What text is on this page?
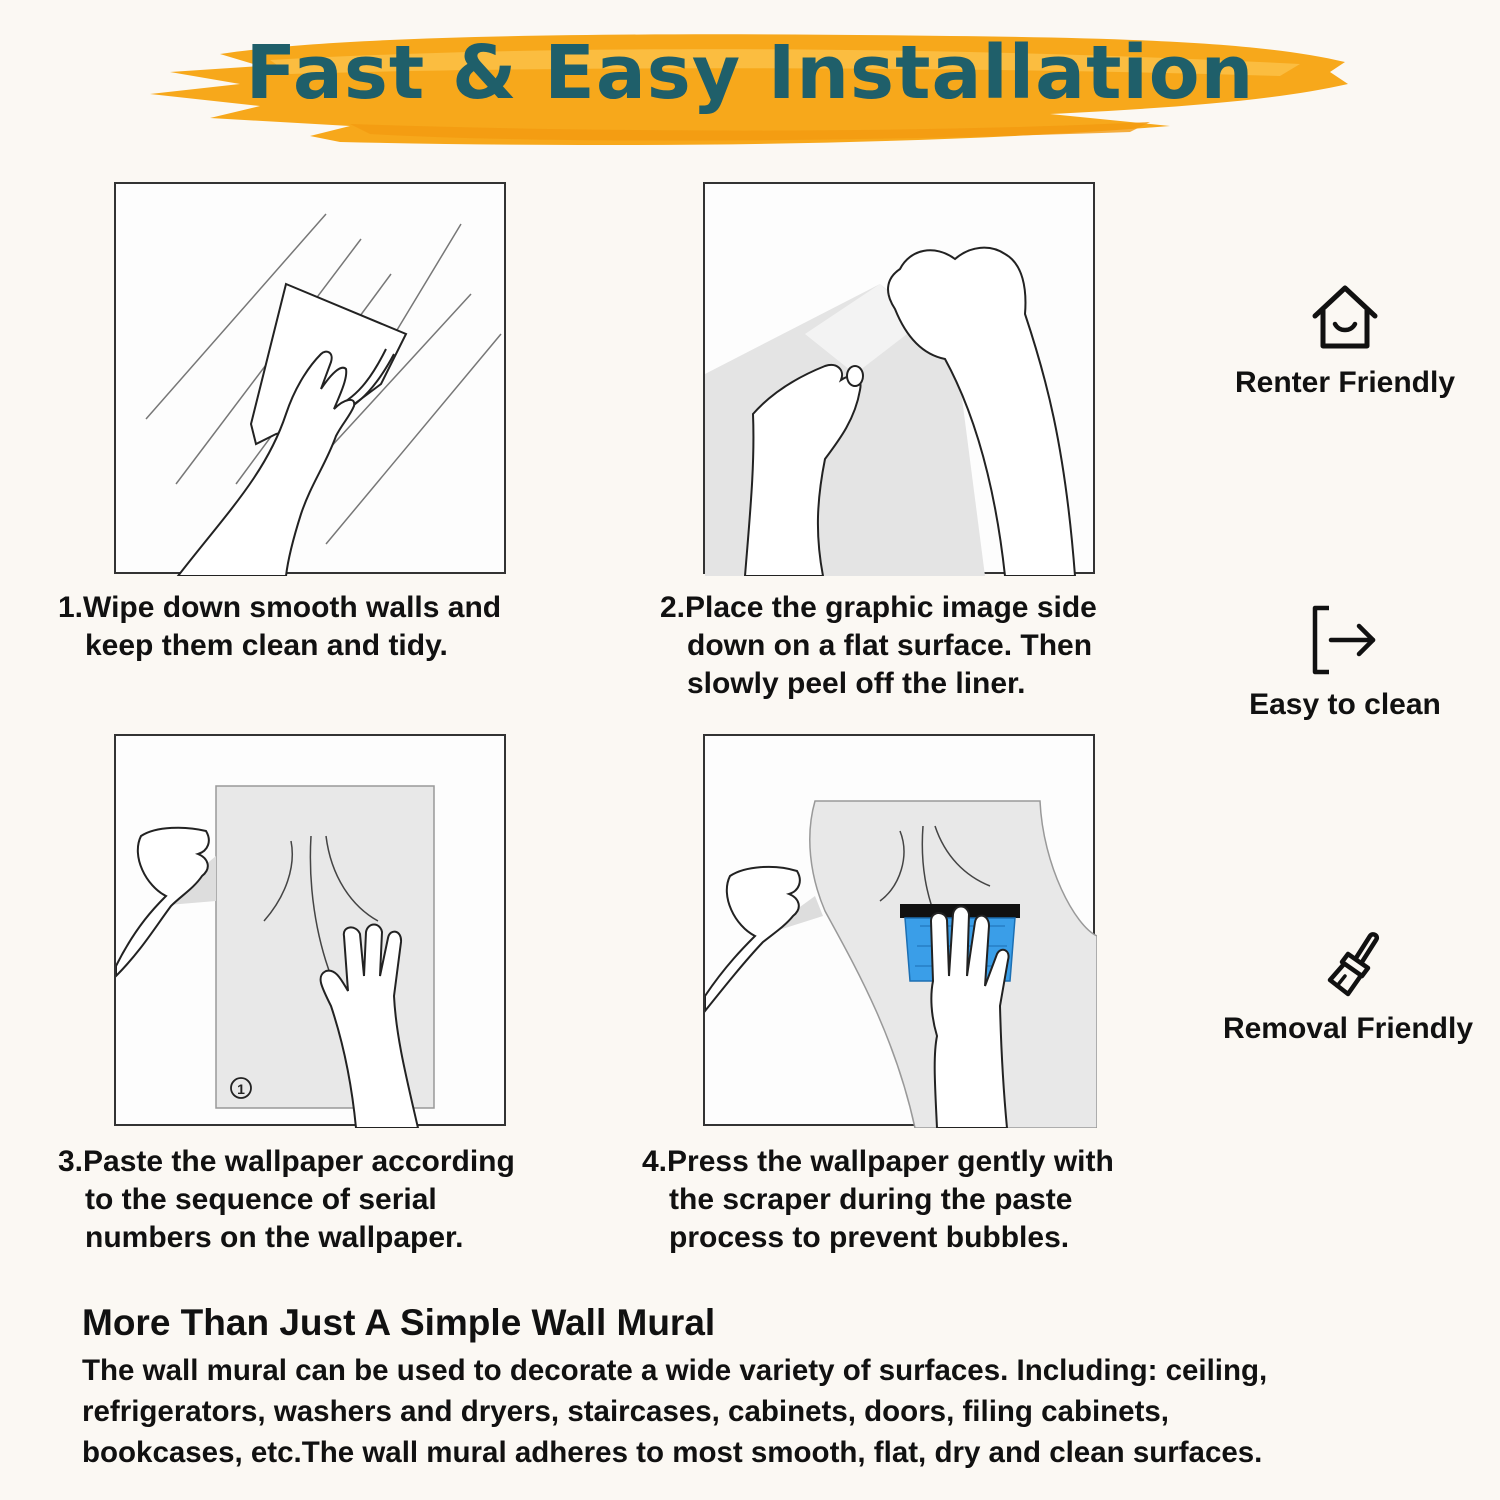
Fast & Easy Installation
1.Wipe down smooth walls and
keep them clean and tidy.
2.Place the graphic image side
down on a flat surface. Then
slowly peel off the liner.
1
3.Paste the wallpaper according
to the sequence of serial
numbers on the wallpaper.
4.Press the wallpaper gently with
the scraper during the paste
process to prevent bubbles.
Renter Friendly
Easy to clean
Removal Friendly
More Than Just A Simple Wall Mural
The wall mural can be used to decorate a wide variety of surfaces. Including: ceiling,
refrigerators, washers and dryers, staircases, cabinets, doors, filing cabinets,
bookcases, etc.The wall mural adheres to most smooth, flat, dry and clean surfaces.
